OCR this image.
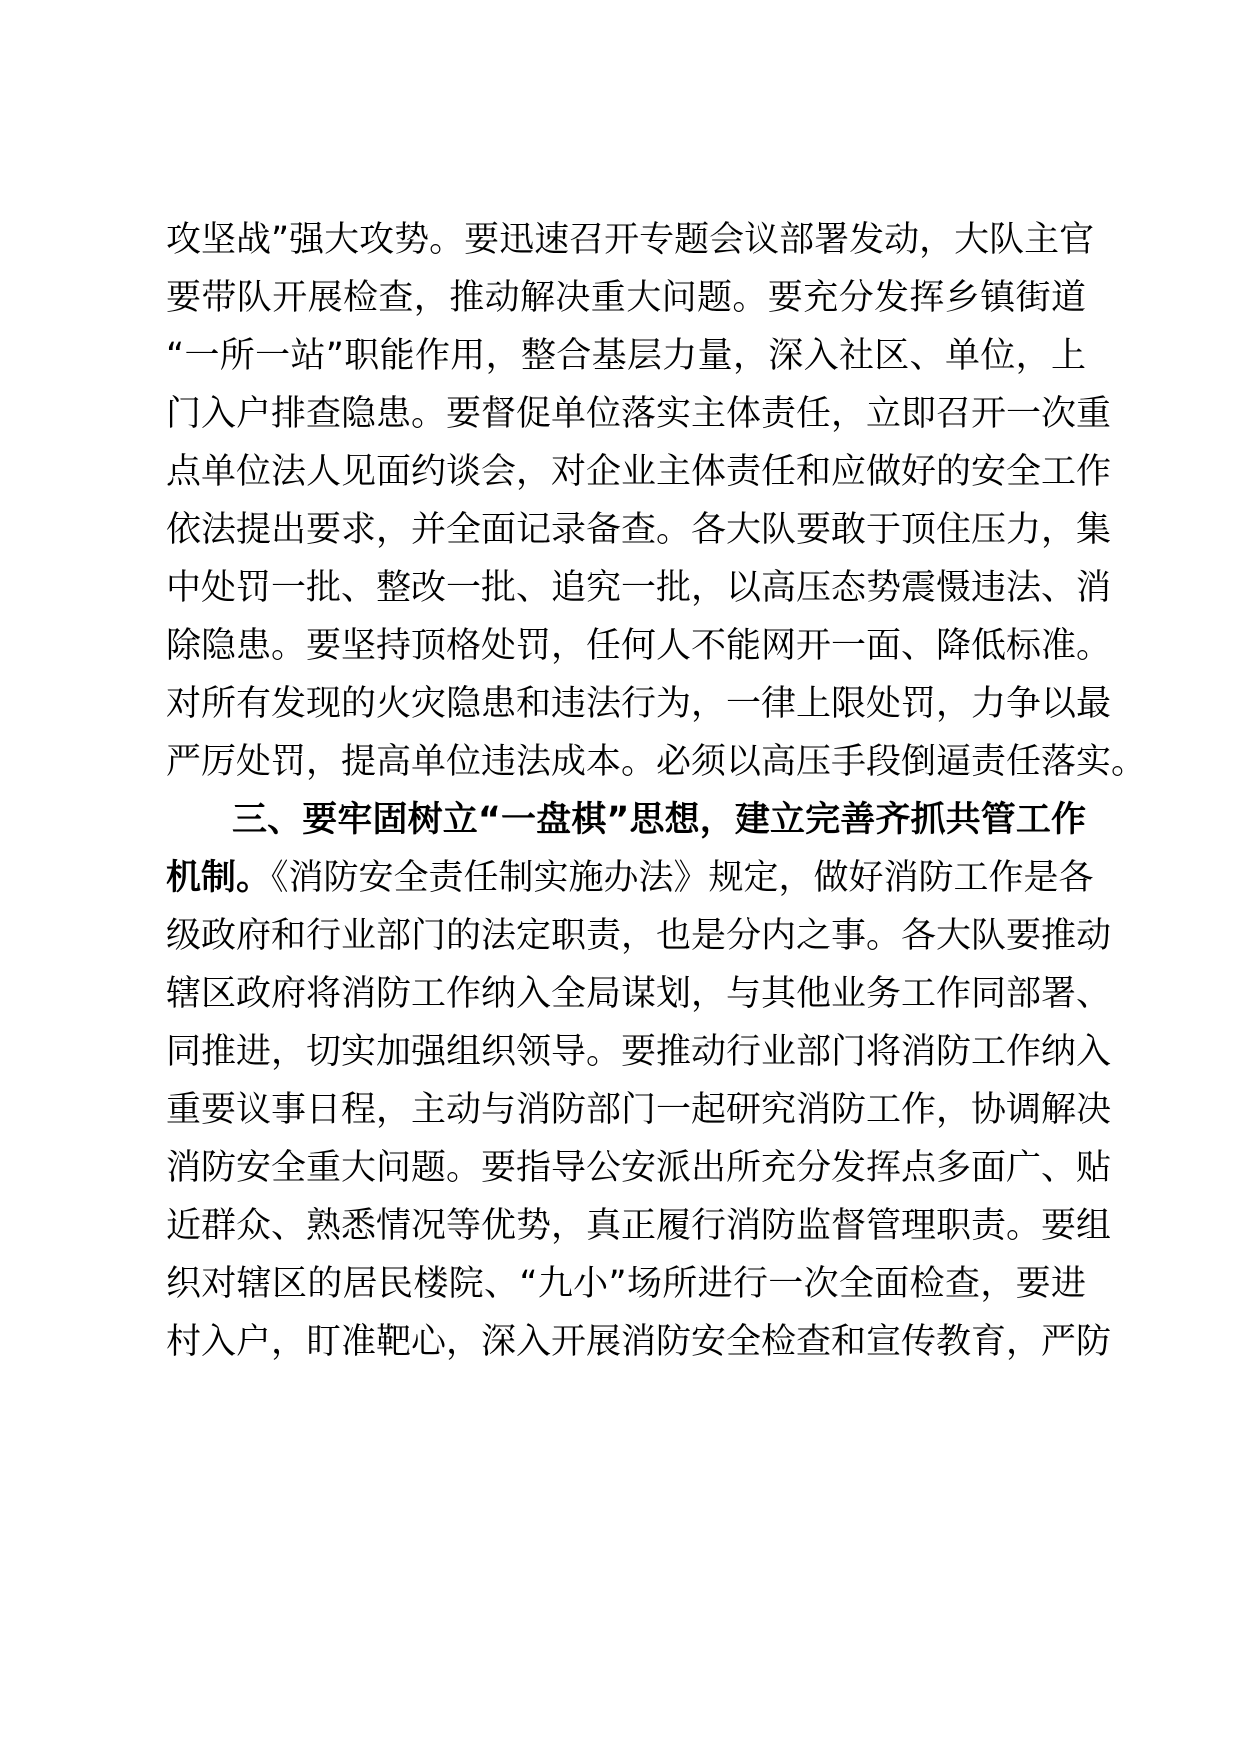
攻坚战”强大攻势。要迅速召开专题会议部署发动，大队主官
要带队开展检查，推动解决重大问题。要充分发挥乡镇街道
“一所一站”职能作用，整合基层力量，深入社区、单位，上
门入户排查隐患。要督促单位落实主体责任，立即召开一次重
点单位法人见面约谈会，对企业主体责任和应做好的安全工作
依法提出要求，并全面记录备查。各大队要敢于顶住压力，集
中处罚一批、整改一批、追究一批，以高压态势震慑违法、消
除隐患。要坚持顶格处罚，任何人不能网开一面、降低标准。
对所有发现的火灾隐患和违法行为，一律上限处罚，力争以最
严厉处罚，提高单位违法成本。必须以高压手段倒逼责任落实。
三、要牢固树立“一盘棋”思想，建立完善齐抓共管工作
机制。《消防安全责任制实施办法》规定，做好消防工作是各
级政府和行业部门的法定职责，也是分内之事。各大队要推动
辖区政府将消防工作纳入全局谋划，与其他业务工作同部署、
同推进，切实加强组织领导。要推动行业部门将消防工作纳入
重要议事日程，主动与消防部门一起研究消防工作，协调解决
消防安全重大问题。要指导公安派出所充分发挥点多面广、贴
近群众、熟悉情况等优势，真正履行消防监督管理职责。要组
织对辖区的居民楼院、“九小”场所进行一次全面检查，要进
村入户，盯准靶心，深入开展消防安全检查和宣传教育，严防
